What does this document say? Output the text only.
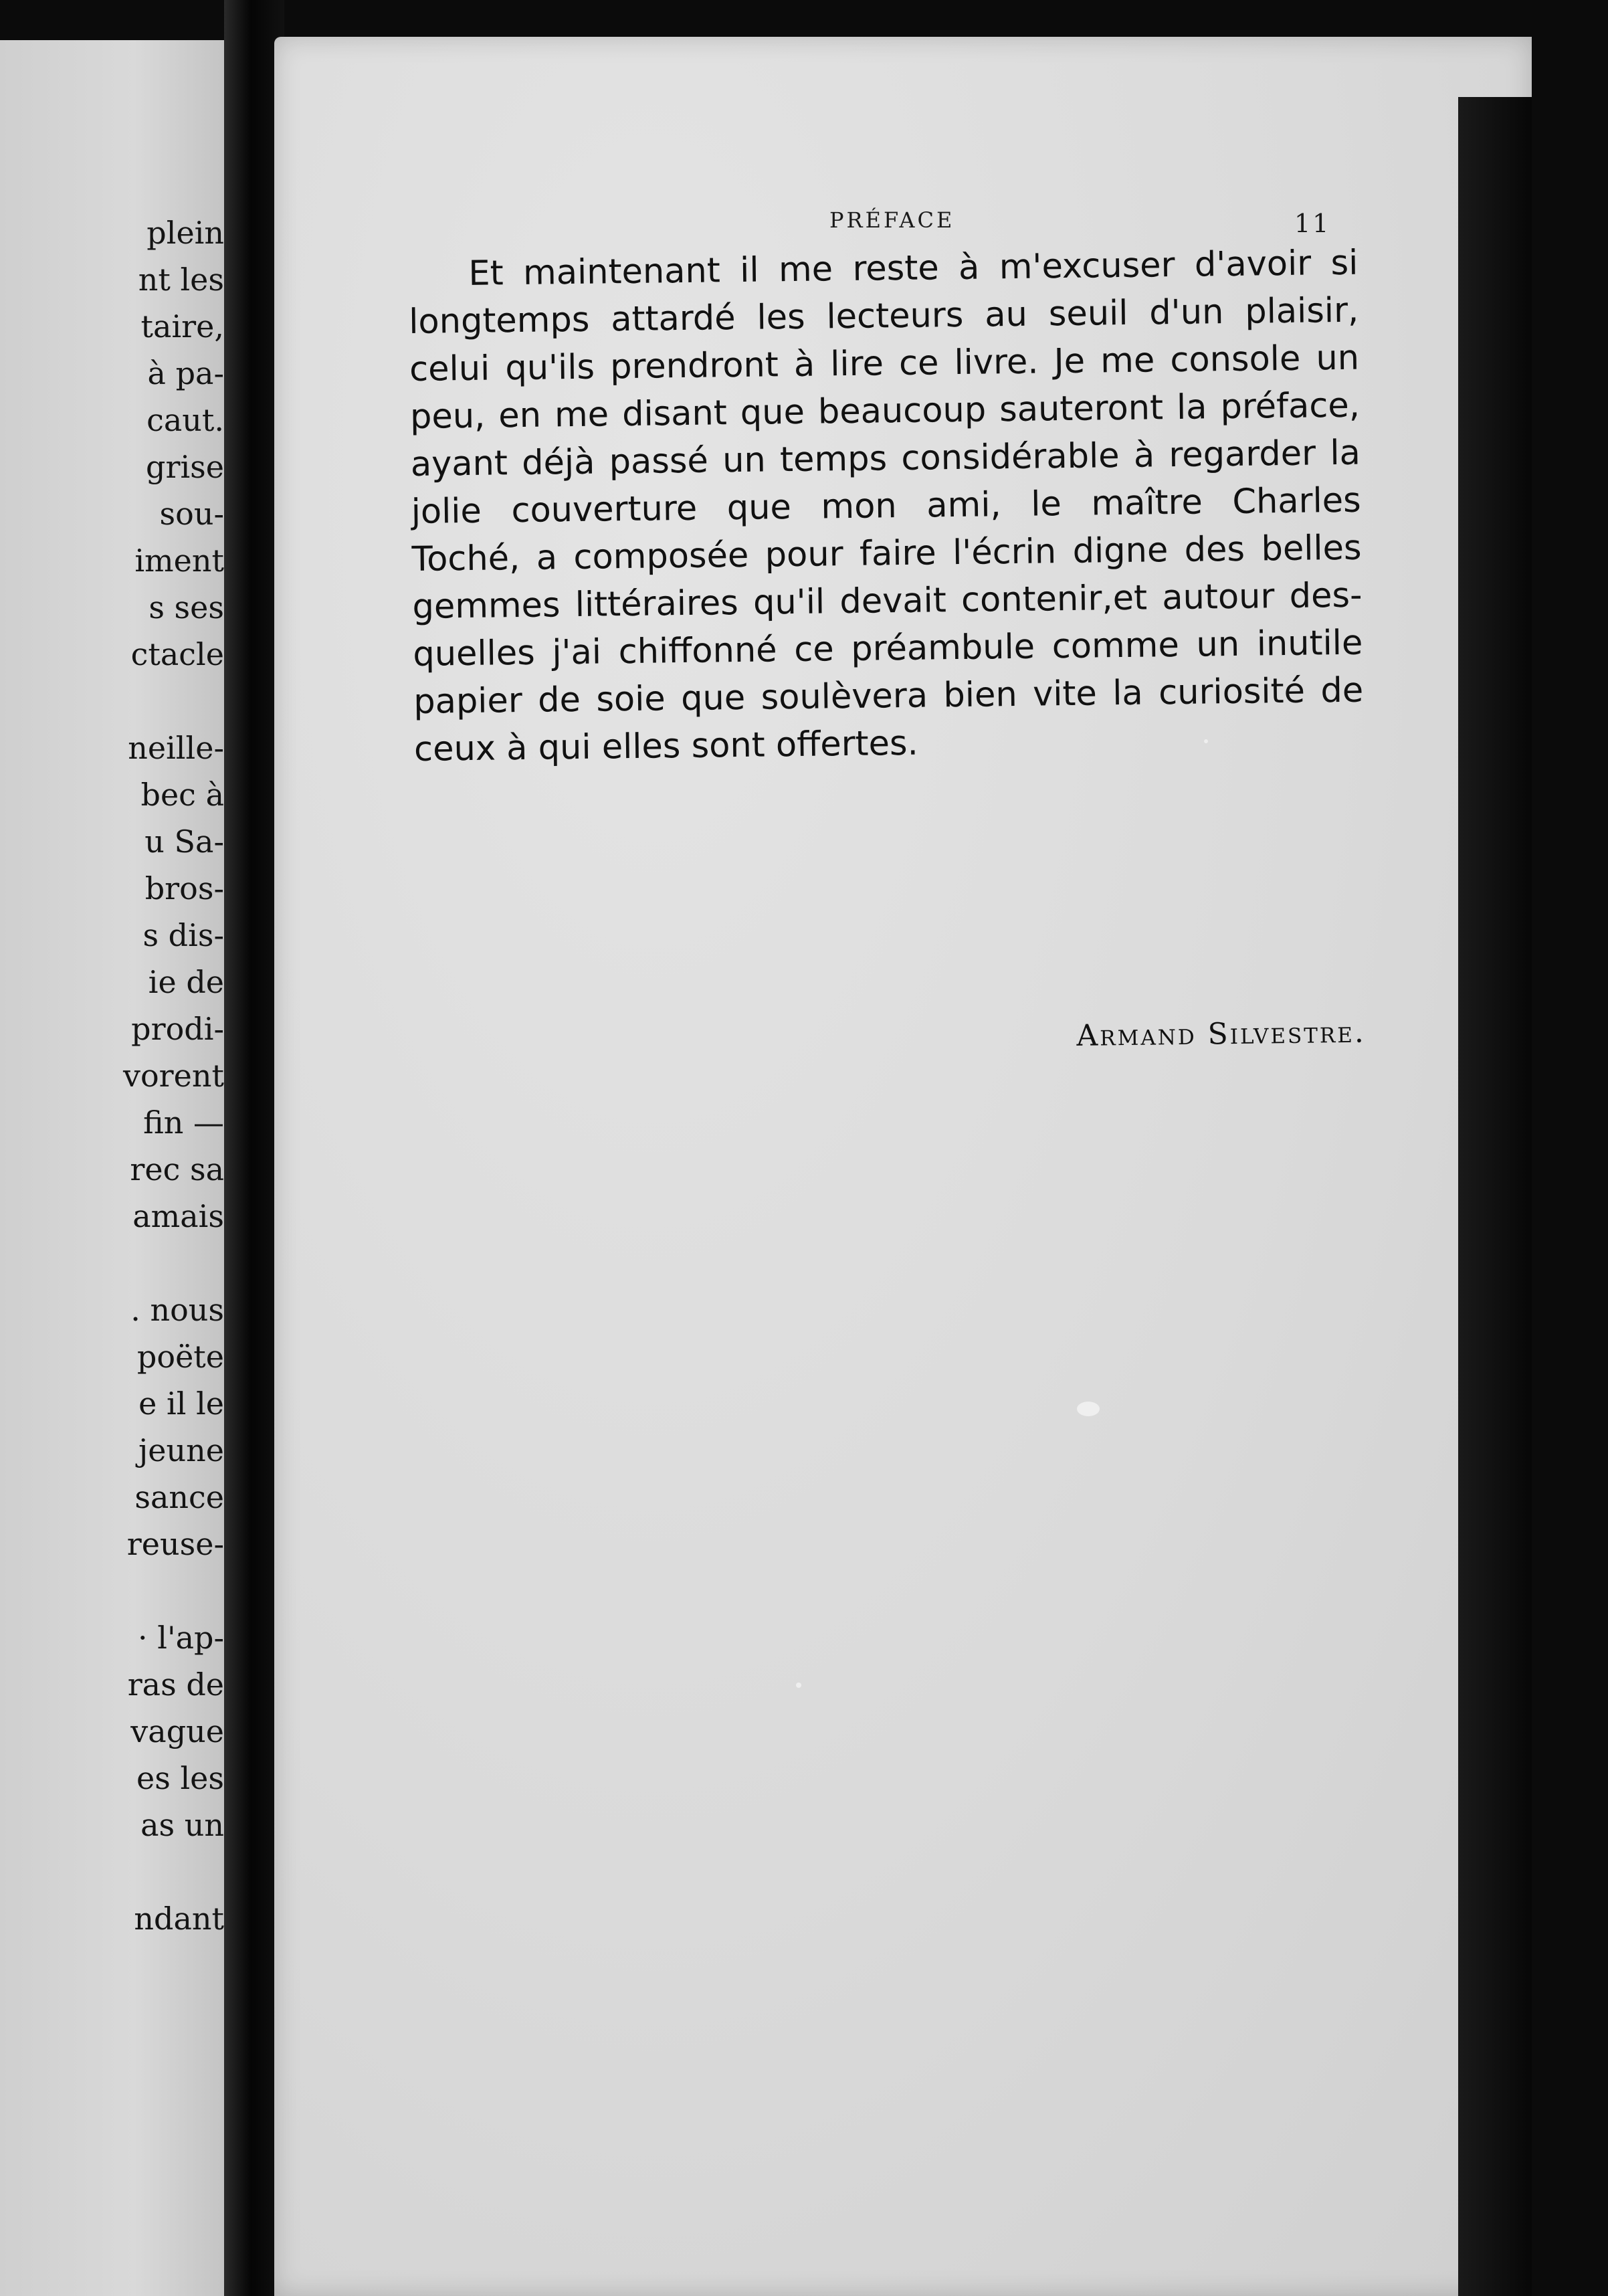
plein
nt les
taire,
à pa-
caut.
grise
sou-
iment
s ses
ctacle
neille-
bec à
u Sa-
bros-
s dis-
ie de
prodi-
vorent
fin —
rec sa
amais
. nous
poëte
e il le
jeune
sance
reuse-
· l'ap-
ras de
vague
es les
as un
ndant
PRÉFACE	11
Et maintenant il me reste à m'excuser d'avoir si
longtemps attardé les lecteurs au seuil d'un plaisir,
celui qu'ils prendront à lire ce livre. Je me console un
peu, en me disant que beaucoup sauteront la préface,
ayant déjà passé un temps considérable à regarder la
jolie couverture que mon ami, le maître Charles
Toché, a composée pour faire l'écrin digne des belles
gemmes littéraires qu'il devait contenir,et autour des-
quelles j'ai chiffonné ce préambule comme un inutile
papier de soie que soulèvera bien vite la curiosité de
ceux à qui elles sont offertes.
Armand Silvestre.
